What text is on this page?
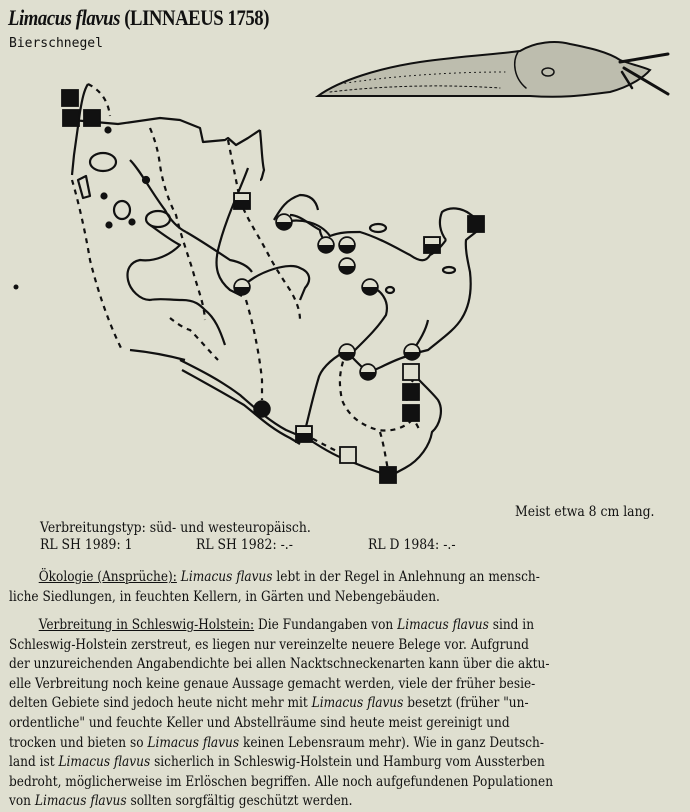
Limacus flavus (LINNAEUS 1758)
Bierschnegel
Meist etwa 8 cm lang.
Verbreitungstyp: süd- und westeuropäisch.
RL SH 1989: 1	RL SH 1982: -.-	RL D 1984: -.-
Ökologie (Ansprüche): Limacus flavus lebt in der Regel in Anlehnung an mensch-
liche Siedlungen, in feuchten Kellern, in Gärten und Nebengebäuden.
Verbreitung in Schleswig-Holstein: Die Fundangaben von Limacus flavus sind in
Schleswig-Holstein zerstreut, es liegen nur vereinzelte neuere Belege vor. Aufgrund
der unzureichenden Angabendichte bei allen Nacktschneckenarten kann über die aktu-
elle Verbreitung noch keine genaue Aussage gemacht werden, viele der früher besie-
delten Gebiete sind jedoch heute nicht mehr mit Limacus flavus besetzt (früher "un-
ordentliche" und feuchte Keller und Abstellräume sind heute meist gereinigt und
trocken und bieten so Limacus flavus keinen Lebensraum mehr). Wie in ganz Deutsch-
land ist Limacus flavus sicherlich in Schleswig-Holstein und Hamburg vom Aussterben
bedroht, möglicherweise im Erlöschen begriffen. Alle noch aufgefundenen Populationen
von Limacus flavus sollten sorgfältig geschützt werden.
